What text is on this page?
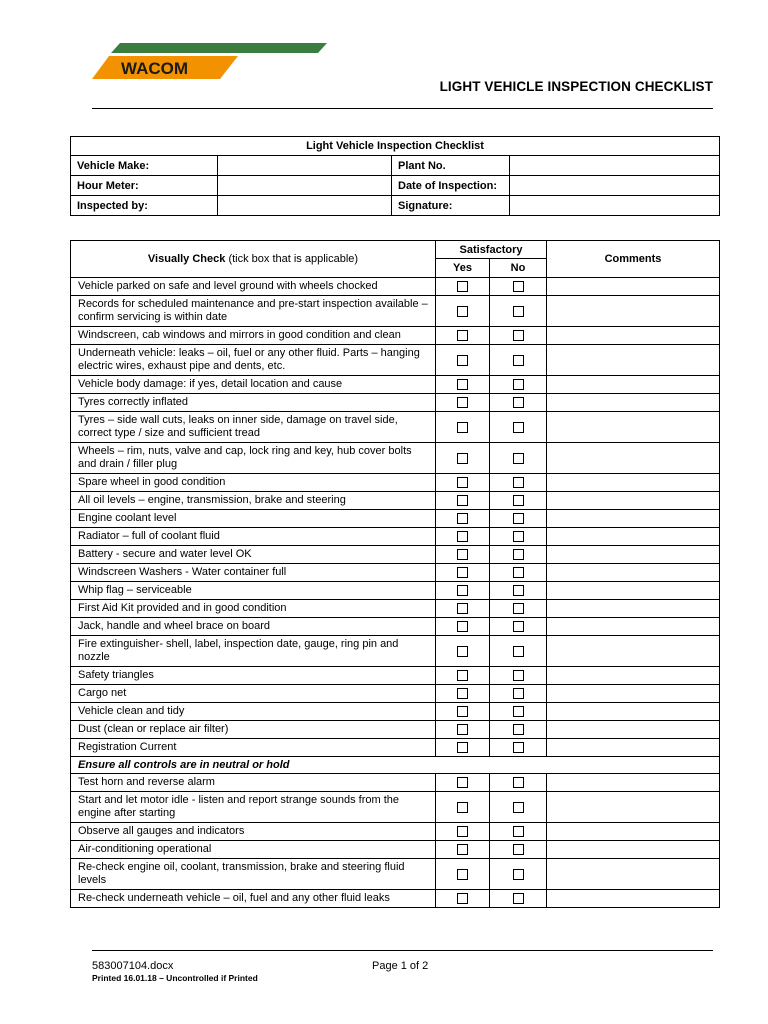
WACOM
LIGHT VEHICLE INSPECTION CHECKLIST
Light Vehicle Inspection Checklist			
Vehicle Make:		Plant No.	
Hour Meter:		Date of Inspection:	
Inspected by:		Signature:	
Visually Check (tick box that is applicable)	Satisfactory		Comments
	Yes	No	
Vehicle parked on safe and level ground with wheels chocked			
Records for scheduled maintenance and pre-start inspection available – confirm servicing is within date			
Windscreen, cab windows and mirrors in good condition and clean			
Underneath vehicle: leaks – oil, fuel or any other fluid. Parts – hanging electric wires, exhaust pipe and dents, etc.			
Vehicle body damage: if yes, detail location and cause			
Tyres correctly inflated			
Tyres – side wall cuts, leaks on inner side, damage on travel side, correct type / size and sufficient tread			
Wheels – rim, nuts, valve and cap, lock ring and key, hub cover bolts and drain / filler plug			
Spare wheel in good condition			
All oil levels – engine, transmission, brake and steering			
Engine coolant level			
Radiator – full of coolant fluid			
Battery - secure and water level OK			
Windscreen Washers - Water container full			
Whip flag – serviceable			
First Aid Kit provided and in good condition			
Jack, handle and wheel brace on board			
Fire extinguisher- shell, label, inspection date, gauge, ring pin and nozzle			
Safety triangles			
Cargo net			
Vehicle clean and tidy			
Dust (clean or replace air filter)			
Registration Current			
Ensure all controls are in neutral or hold			
Test horn and reverse alarm			
Start and let motor idle - listen and report strange sounds from the engine after starting			
Observe all gauges and indicators			
Air-conditioning operational			
Re-check engine oil, coolant, transmission, brake and steering fluid levels			
Re-check underneath vehicle – oil, fuel and any other fluid leaks			
583007104.docx	Page 1 of 2
Printed 16.01.18 – Uncontrolled if Printed
